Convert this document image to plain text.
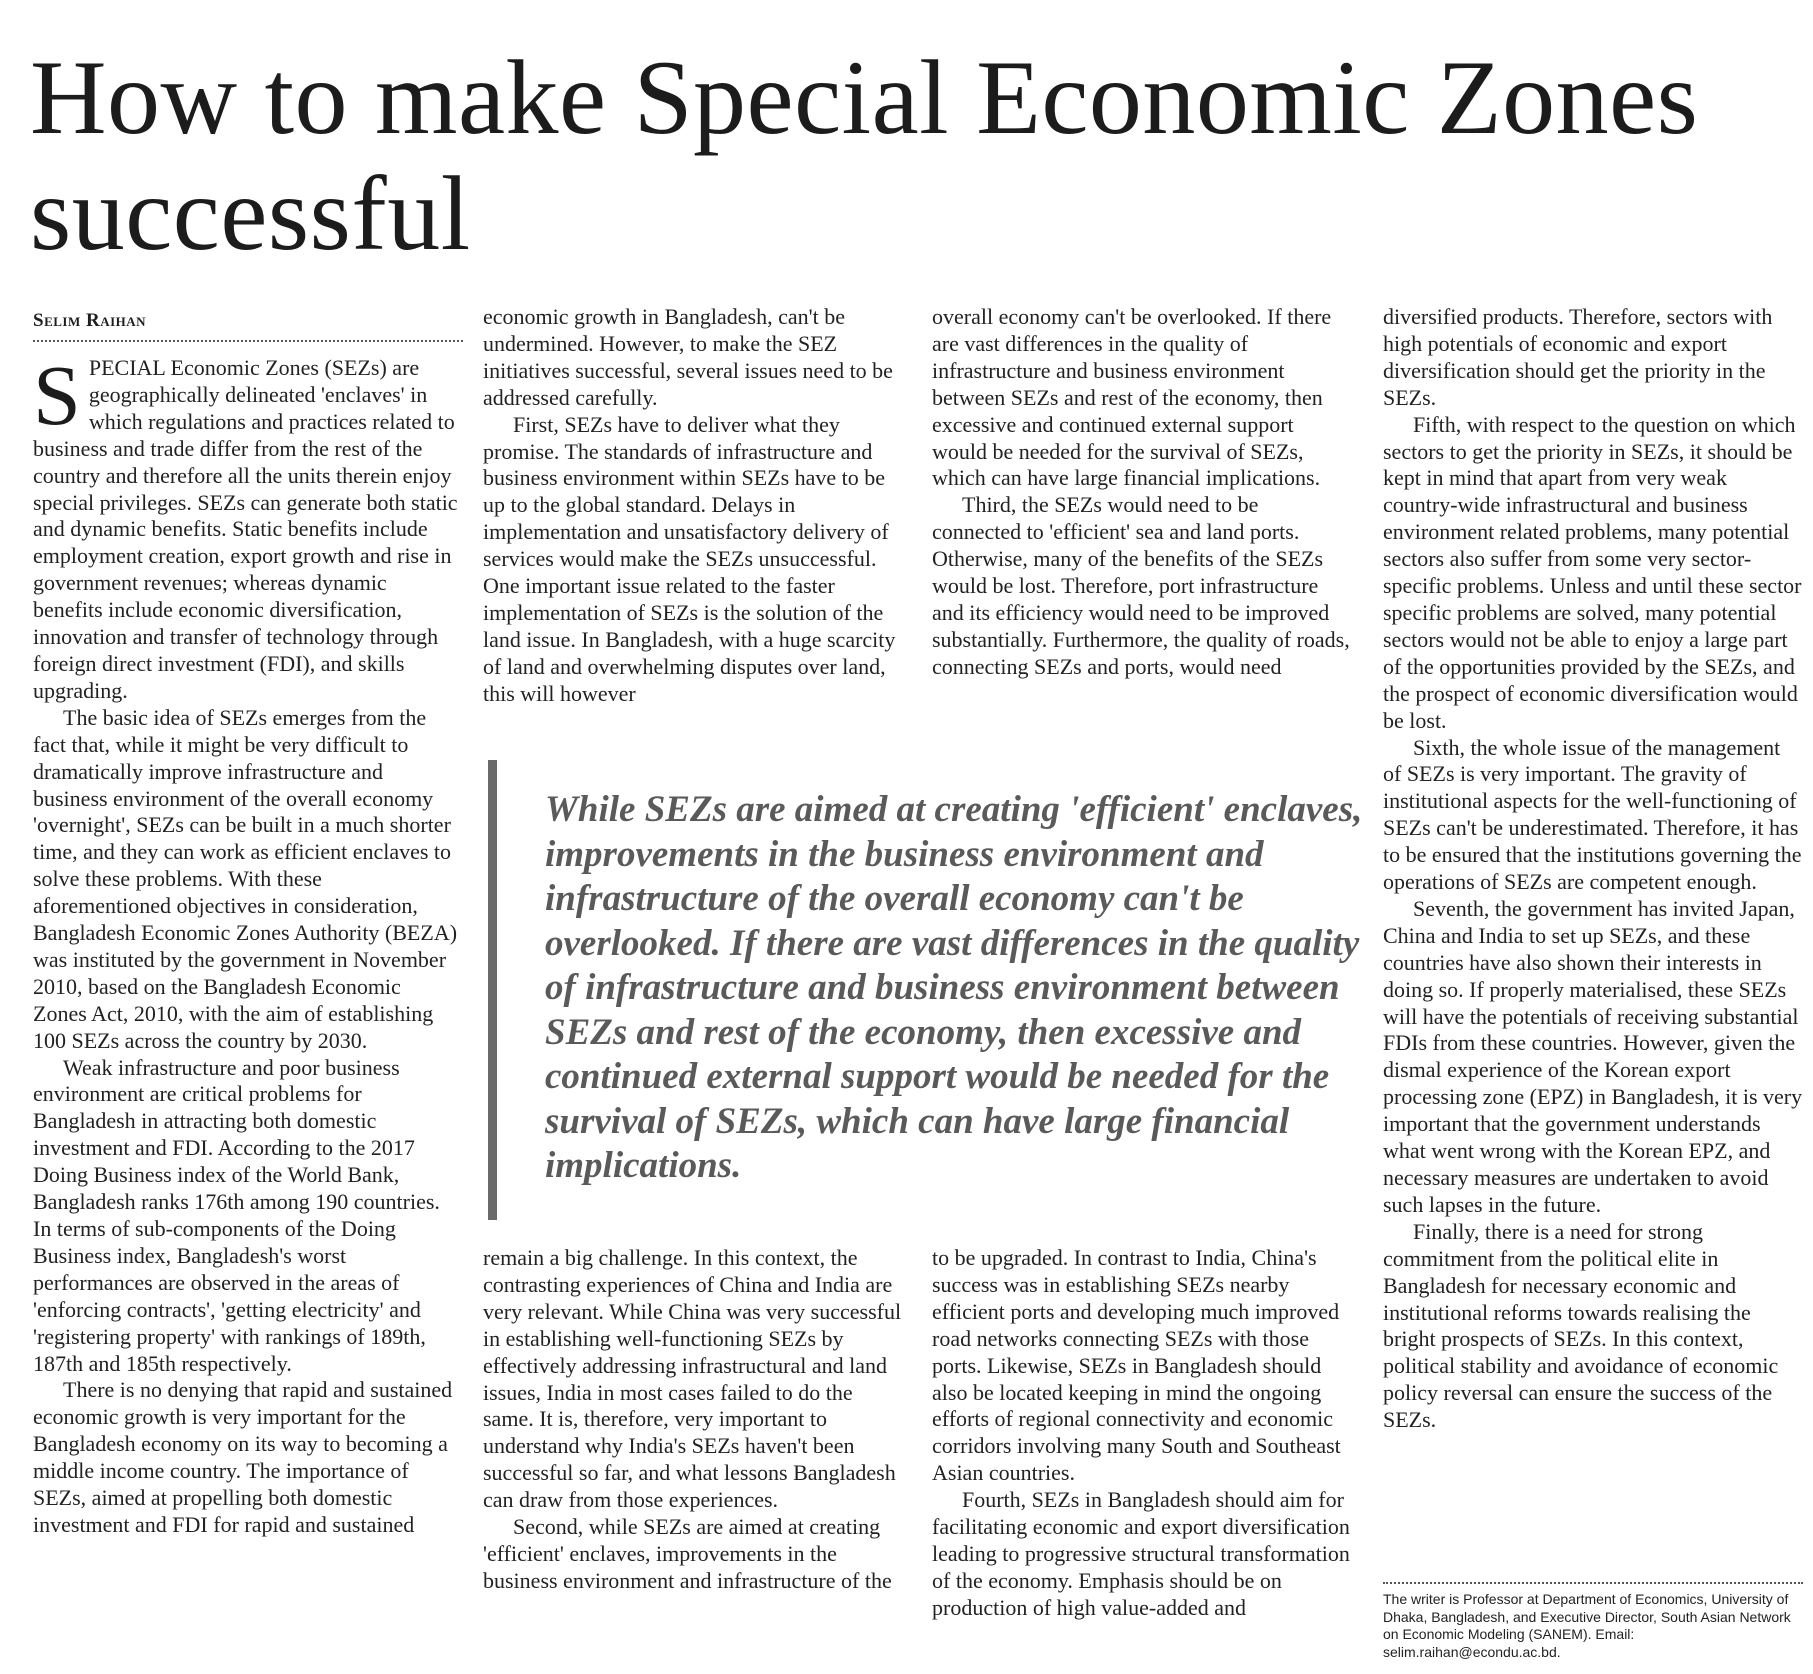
How to make Special Economic Zones successful
Selim Raihan

SPECIAL Economic Zones (SEZs) are geographically delineated 'enclaves' in which regulations and practices related to business and trade differ from the rest of the country and therefore all the units therein enjoy special privileges. SEZs can generate both static and dynamic benefits. Static benefits include employment creation, export growth and rise in government revenues; whereas dynamic benefits include economic diversification, innovation and transfer of technology through foreign direct investment (FDI), and skills upgrading.

The basic idea of SEZs emerges from the fact that, while it might be very difficult to dramatically improve infrastructure and business environment of the overall economy 'overnight', SEZs can be built in a much shorter time, and they can work as efficient enclaves to solve these problems. With these aforementioned objectives in consideration, Bangladesh Economic Zones Authority (BEZA) was instituted by the government in November 2010, based on the Bangladesh Economic Zones Act, 2010, with the aim of establishing 100 SEZs across the country by 2030.

Weak infrastructure and poor business environment are critical problems for Bangladesh in attracting both domestic investment and FDI. According to the 2017 Doing Business index of the World Bank, Bangladesh ranks 176th among 190 countries. In terms of sub-components of the Doing Business index, Bangladesh's worst performances are observed in the areas of 'enforcing contracts', 'getting electricity' and 'registering property' with rankings of 189th, 187th and 185th respectively.

There is no denying that rapid and sustained economic growth is very important for the Bangladesh economy on its way to becoming a middle income country. The importance of SEZs, aimed at propelling both domestic investment and FDI for rapid and sustained

economic growth in Bangladesh, can't be undermined. However, to make the SEZ initiatives successful, several issues need to be addressed carefully.

First, SEZs have to deliver what they promise. The standards of infrastructure and business environment within SEZs have to be up to the global standard. Delays in implementation and unsatisfactory delivery of services would make the SEZs unsuccessful. One important issue related to the faster implementation of SEZs is the solution of the land issue. In Bangladesh, with a huge scarcity of land and overwhelming disputes over land, this will however

overall economy can't be overlooked. If there are vast differences in the quality of infrastructure and business environment between SEZs and rest of the economy, then excessive and continued external support would be needed for the survival of SEZs, which can have large financial implications.

Third, the SEZs would need to be connected to 'efficient' sea and land ports. Otherwise, many of the benefits of the SEZs would be lost. Therefore, port infrastructure and its efficiency would need to be improved substantially. Furthermore, the quality of roads, connecting SEZs and ports, would need

While SEZs are aimed at creating 'efficient' enclaves, improvements in the business environment and infrastructure of the overall economy can't be overlooked. If there are vast differences in the quality of infrastructure and business environment between SEZs and rest of the economy, then excessive and continued external support would be needed for the survival of SEZs, which can have large financial implications.

remain a big challenge. In this context, the contrasting experiences of China and India are very relevant. While China was very successful in establishing well-functioning SEZs by effectively addressing infrastructural and land issues, India in most cases failed to do the same. It is, therefore, very important to understand why India's SEZs haven't been successful so far, and what lessons Bangladesh can draw from those experiences.

Second, while SEZs are aimed at creating 'efficient' enclaves, improvements in the business environment and infrastructure of the

to be upgraded. In contrast to India, China's success was in establishing SEZs nearby efficient ports and developing much improved road networks connecting SEZs with those ports. Likewise, SEZs in Bangladesh should also be located keeping in mind the ongoing efforts of regional connectivity and economic corridors involving many South and Southeast Asian countries.

Fourth, SEZs in Bangladesh should aim for facilitating economic and export diversification leading to progressive structural transformation of the economy. Emphasis should be on production of high value-added and

diversified products. Therefore, sectors with high potentials of economic and export diversification should get the priority in the SEZs.

Fifth, with respect to the question on which sectors to get the priority in SEZs, it should be kept in mind that apart from very weak country-wide infrastructural and business environment related problems, many potential sectors also suffer from some very sector-specific problems. Unless and until these sector specific problems are solved, many potential sectors would not be able to enjoy a large part of the opportunities provided by the SEZs, and the prospect of economic diversification would be lost.

Sixth, the whole issue of the management of SEZs is very important. The gravity of institutional aspects for the well-functioning of SEZs can't be underestimated. Therefore, it has to be ensured that the institutions governing the operations of SEZs are competent enough.

Seventh, the government has invited Japan, China and India to set up SEZs, and these countries have also shown their interests in doing so. If properly materialised, these SEZs will have the potentials of receiving substantial FDIs from these countries. However, given the dismal experience of the Korean export processing zone (EPZ) in Bangladesh, it is very important that the government understands what went wrong with the Korean EPZ, and necessary measures are undertaken to avoid such lapses in the future.

Finally, there is a need for strong commitment from the political elite in Bangladesh for necessary economic and institutional reforms towards realising the bright prospects of SEZs. In this context, political stability and avoidance of economic policy reversal can ensure the success of the SEZs.

The writer is Professor at Department of Economics, University of Dhaka, Bangladesh, and Executive Director, South Asian Network on Economic Modeling (SANEM). Email: selim.raihan@econdu.ac.bd.
